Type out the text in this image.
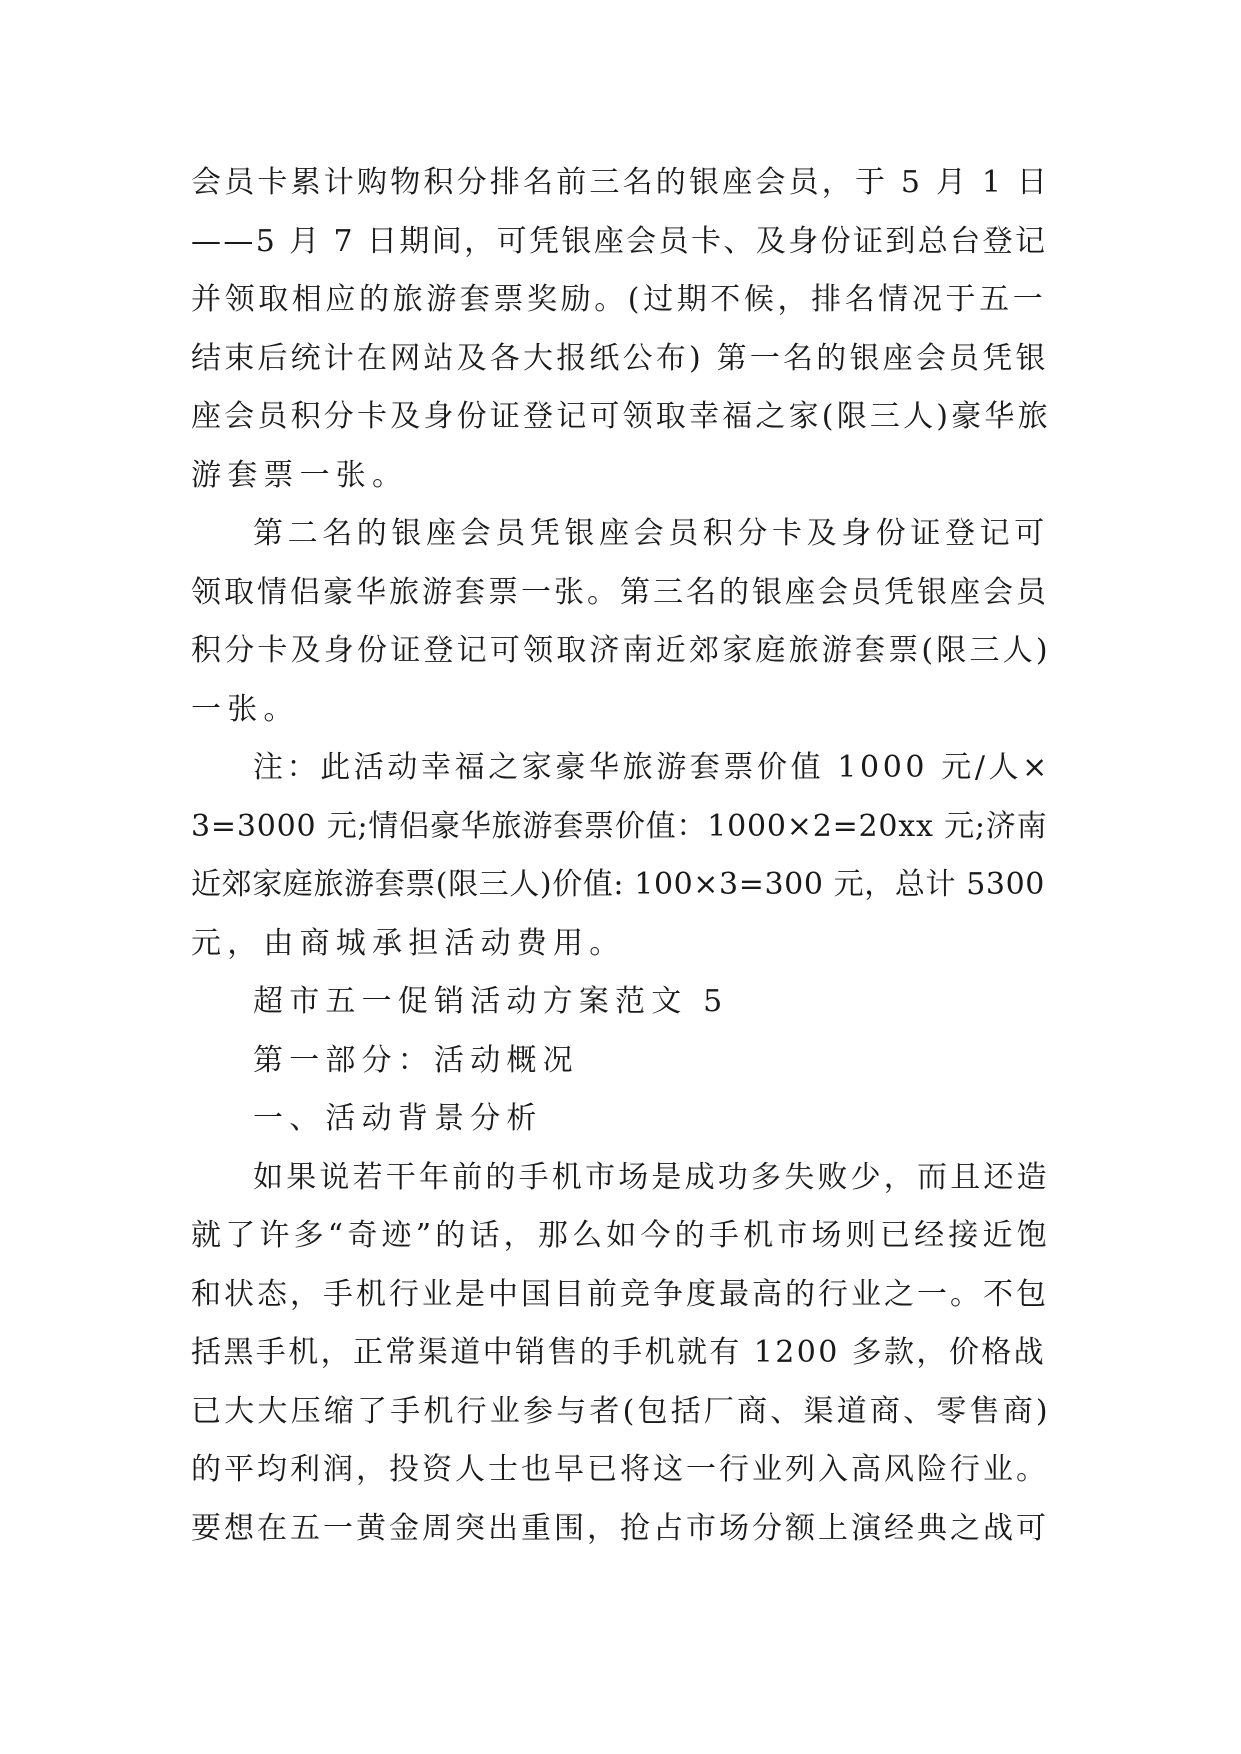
会员卡累计购物积分排名前三名的银座会员，于 5 月 1 日
——5 月 7 日期间，可凭银座会员卡、及身份证到总台登记
并领取相应的旅游套票奖励。(过期不候，排名情况于五一
结束后统计在网站及各大报纸公布) 第一名的银座会员凭银
座会员积分卡及身份证登记可领取幸福之家(限三人)豪华旅
游套票一张。

第二名的银座会员凭银座会员积分卡及身份证登记可
领取情侣豪华旅游套票一张。第三名的银座会员凭银座会员
积分卡及身份证登记可领取济南近郊家庭旅游套票(限三人)
一张。

注：此活动幸福之家豪华旅游套票价值 1000 元/人×
3=3000 元;情侣豪华旅游套票价值：1000×2=20xx 元;济南
近郊家庭旅游套票(限三人)价值: 100×3=300 元，总计 5300
元，由商城承担活动费用。

超市五一促销活动方案范文 5

第一部分：活动概况

一、活动背景分析

如果说若干年前的手机市场是成功多失败少，而且还造
就了许多“奇迹”的话，那么如今的手机市场则已经接近饱
和状态，手机行业是中国目前竞争度最高的行业之一。不包
括黑手机，正常渠道中销售的手机就有 1200 多款，价格战
已大大压缩了手机行业参与者(包括厂商、渠道商、零售商)
的平均利润，投资人士也早已将这一行业列入高风险行业。
要想在五一黄金周突出重围，抢占市场分额上演经典之战可
